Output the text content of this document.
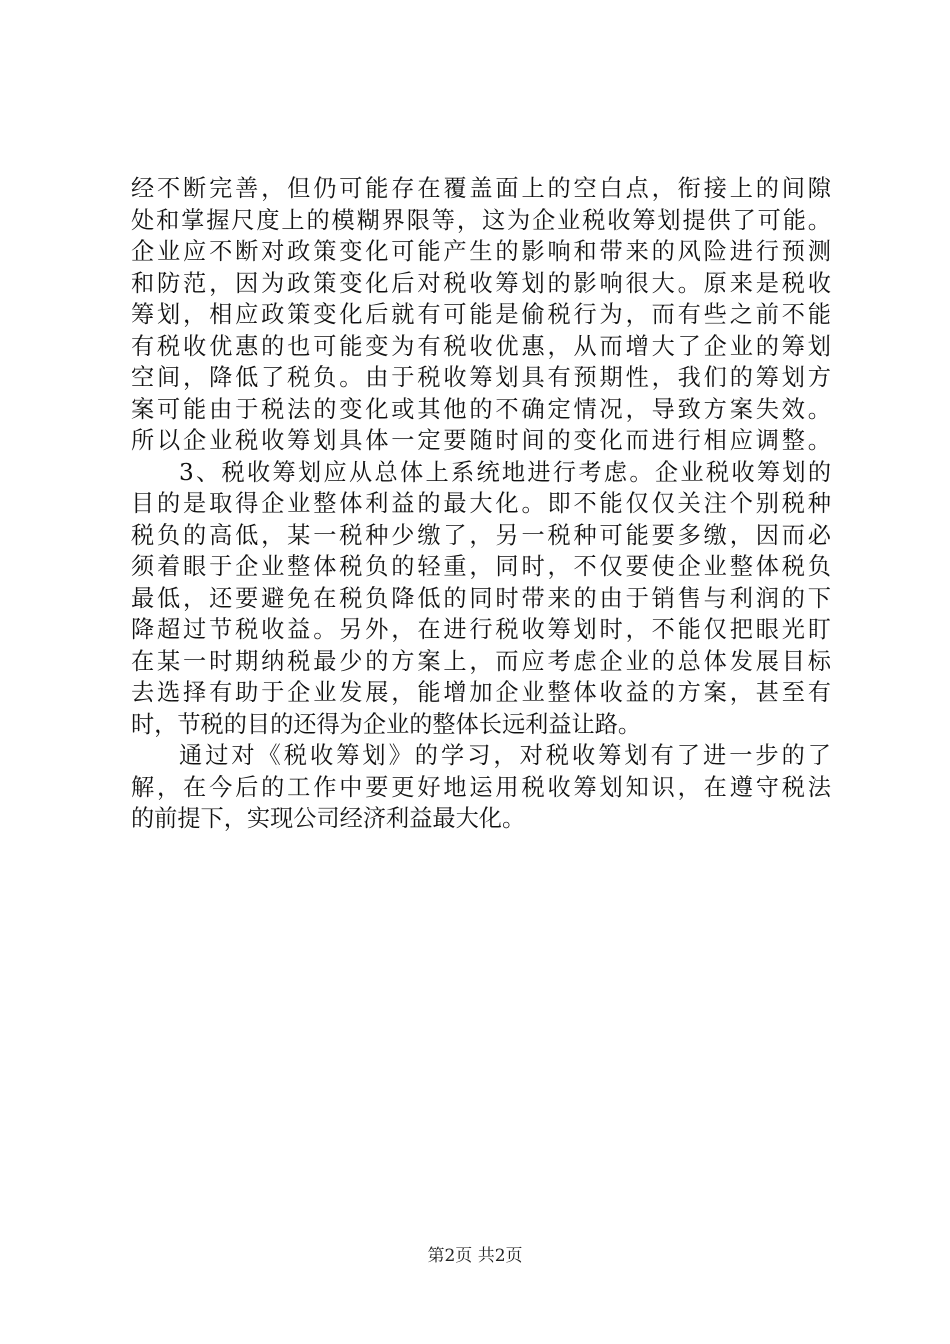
经不断完善，但仍可能存在覆盖面上的空白点，衔接上的间隙
处和掌握尺度上的模糊界限等，这为企业税收筹划提供了可能。
企业应不断对政策变化可能产生的影响和带来的风险进行预测
和防范，因为政策变化后对税收筹划的影响很大。原来是税收
筹划，相应政策变化后就有可能是偷税行为，而有些之前不能
有税收优惠的也可能变为有税收优惠，从而增大了企业的筹划
空间，降低了税负。由于税收筹划具有预期性，我们的筹划方
案可能由于税法的变化或其他的不确定情况，导致方案失效。
所以企业税收筹划具体一定要随时间的变化而进行相应调整。
3、税收筹划应从总体上系统地进行考虑。企业税收筹划的
目的是取得企业整体利益的最大化。即不能仅仅关注个别税种
税负的高低，某一税种少缴了，另一税种可能要多缴，因而必
须着眼于企业整体税负的轻重，同时，不仅要使企业整体税负
最低，还要避免在税负降低的同时带来的由于销售与利润的下
降超过节税收益。另外，在进行税收筹划时，不能仅把眼光盯
在某一时期纳税最少的方案上，而应考虑企业的总体发展目标
去选择有助于企业发展，能增加企业整体收益的方案，甚至有
时，节税的目的还得为企业的整体长远利益让路。
通过对《税收筹划》的学习，对税收筹划有了进一步的了
解，在今后的工作中要更好地运用税收筹划知识，在遵守税法
的前提下，实现公司经济利益最大化。
第2页 共2页
